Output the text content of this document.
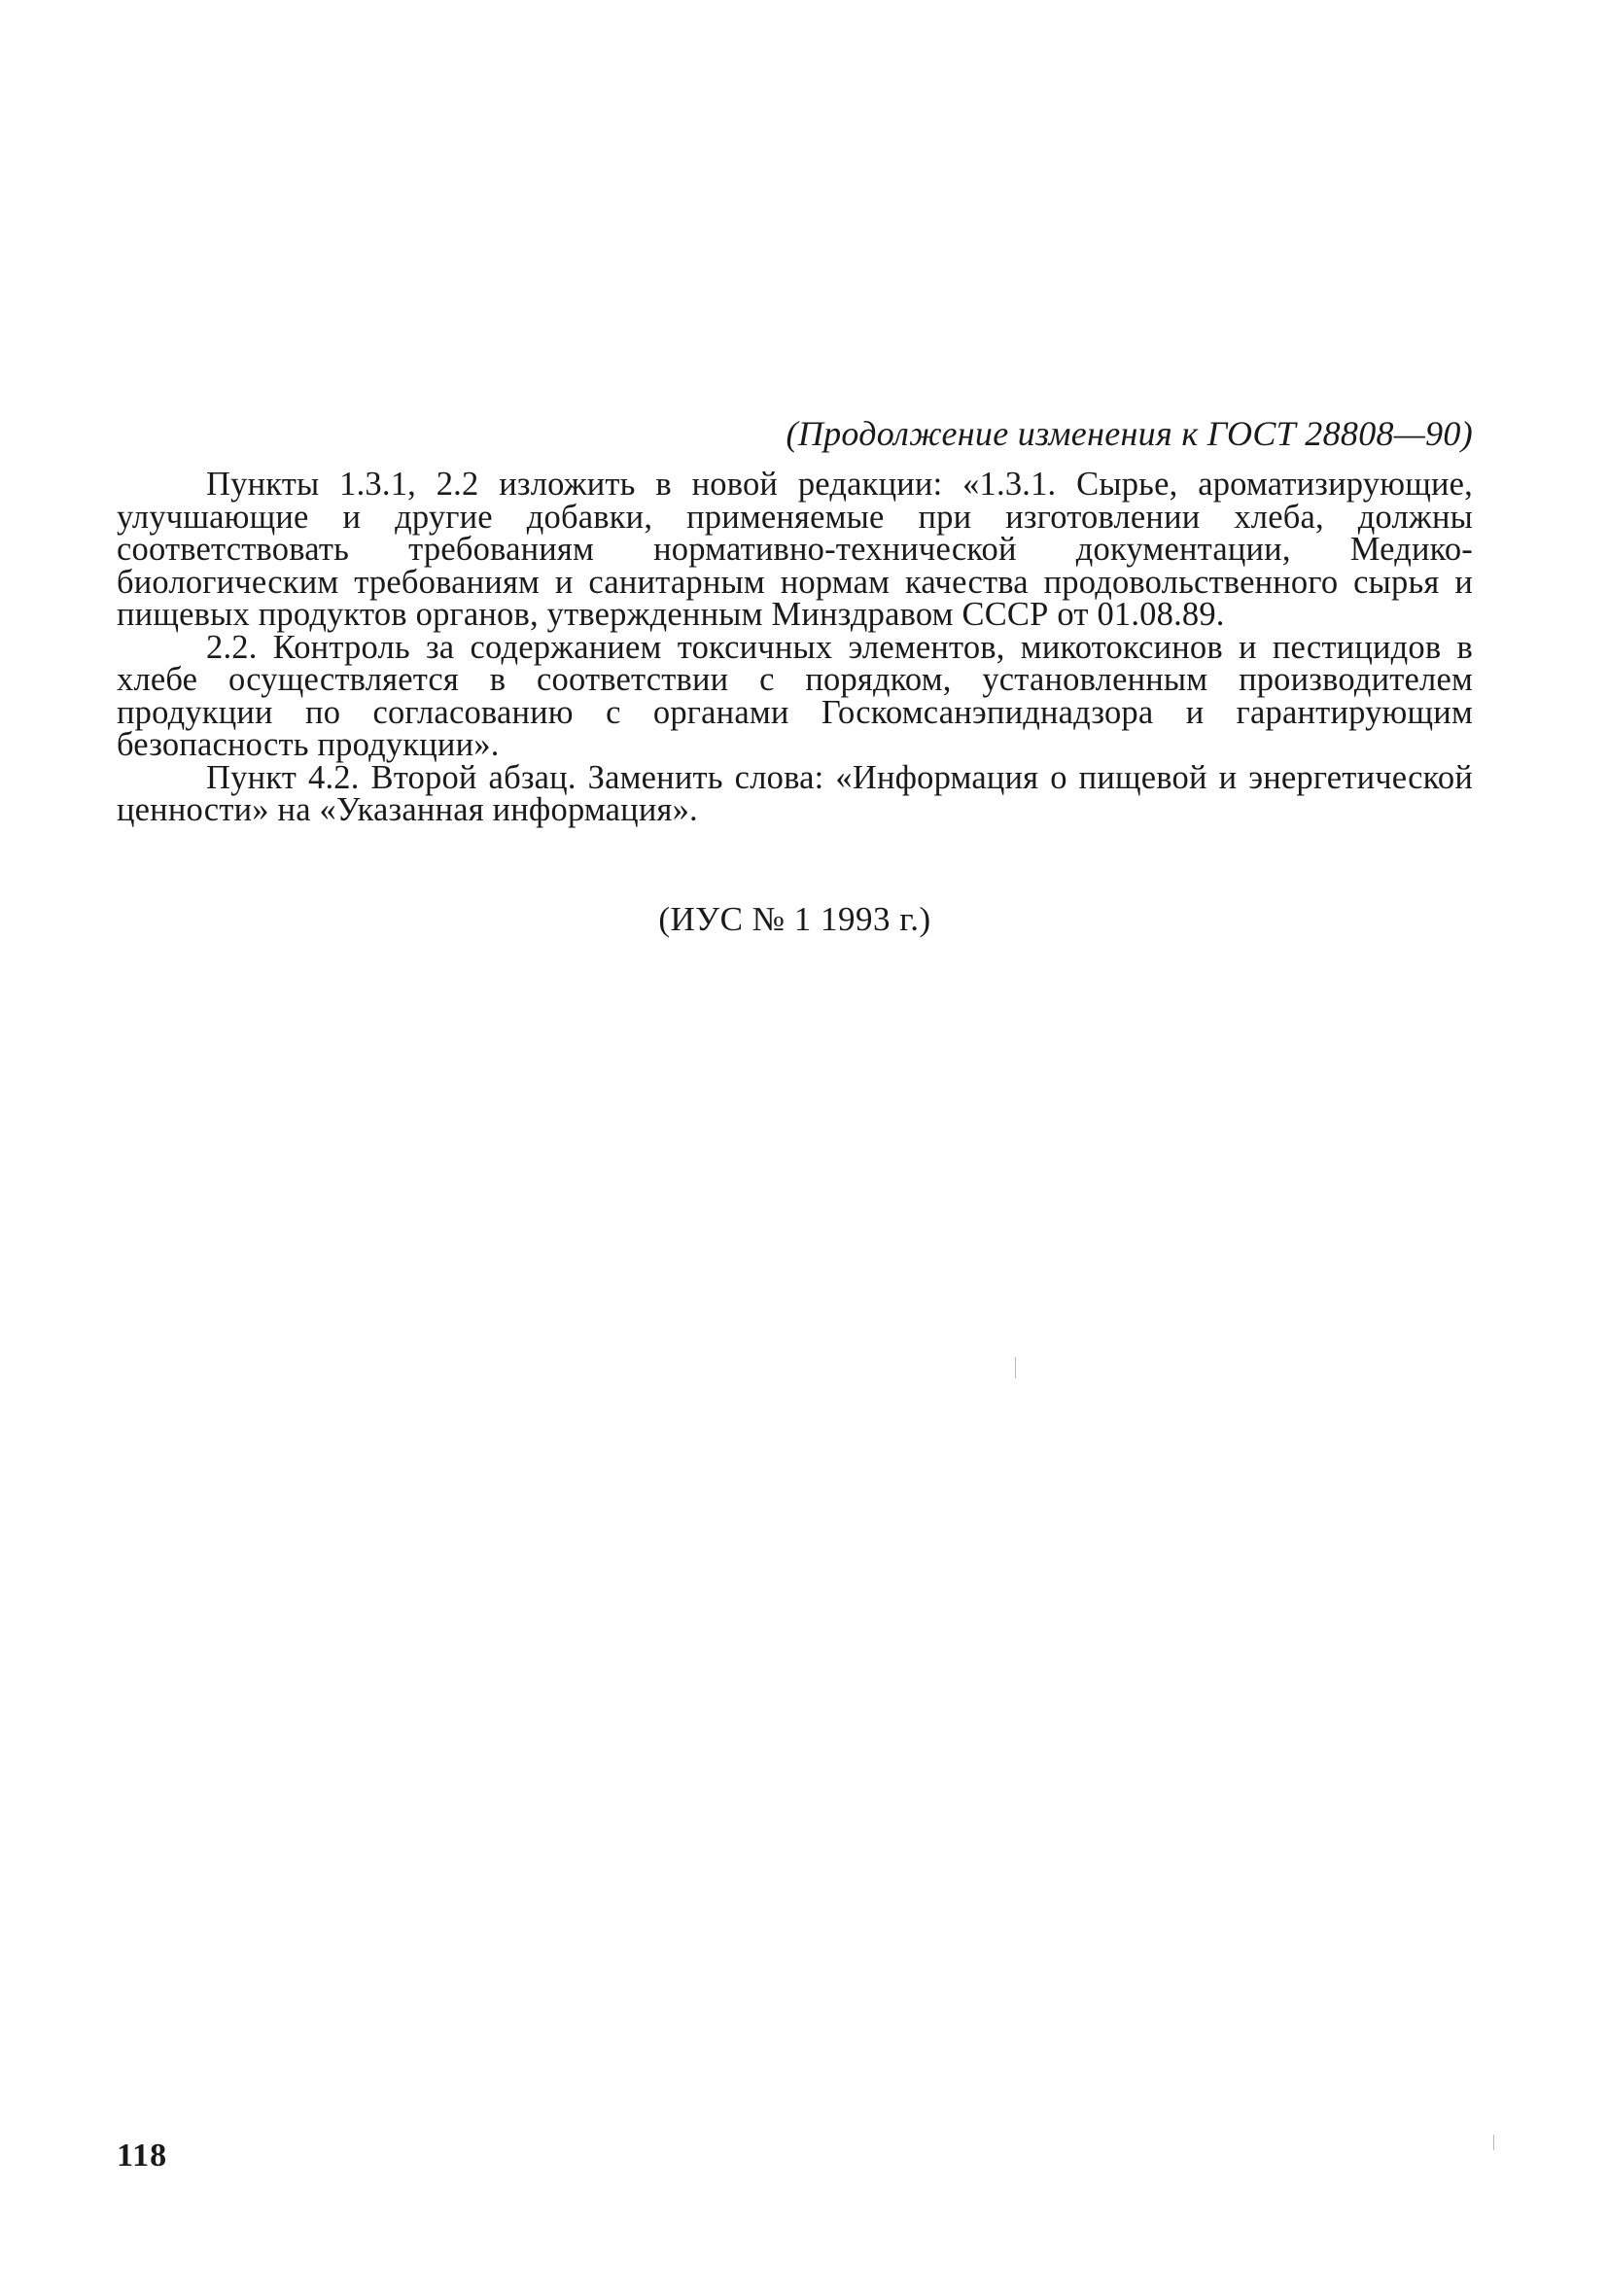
(Продолжение изменения к ГОСТ 28808—90)

Пункты 1.3.1, 2.2 изложить в новой редакции: «1.3.1. Сырье, ароматизирующие, улучшающие и другие добавки, применяемые при изготовлении хлеба, должны соответствовать требованиям нормативно-технической документации, Медико-биологическим требованиям и санитарным нормам качества продовольственного сырья и пищевых продуктов органов, утвержденным Минздравом СССР от 01.08.89.

2.2. Контроль за содержанием токсичных элементов, микотоксинов и пестицидов в хлебе осуществляется в соответствии с порядком, установленным производителем продукции по согласованию с органами Госкомсанэпиднадзора и гарантирующим безопасность продукции».

Пункт 4.2. Второй абзац. Заменить слова: «Информация о пищевой и энергетической ценности» на «Указанная информация».

(ИУС № 1 1993 г.)
118
